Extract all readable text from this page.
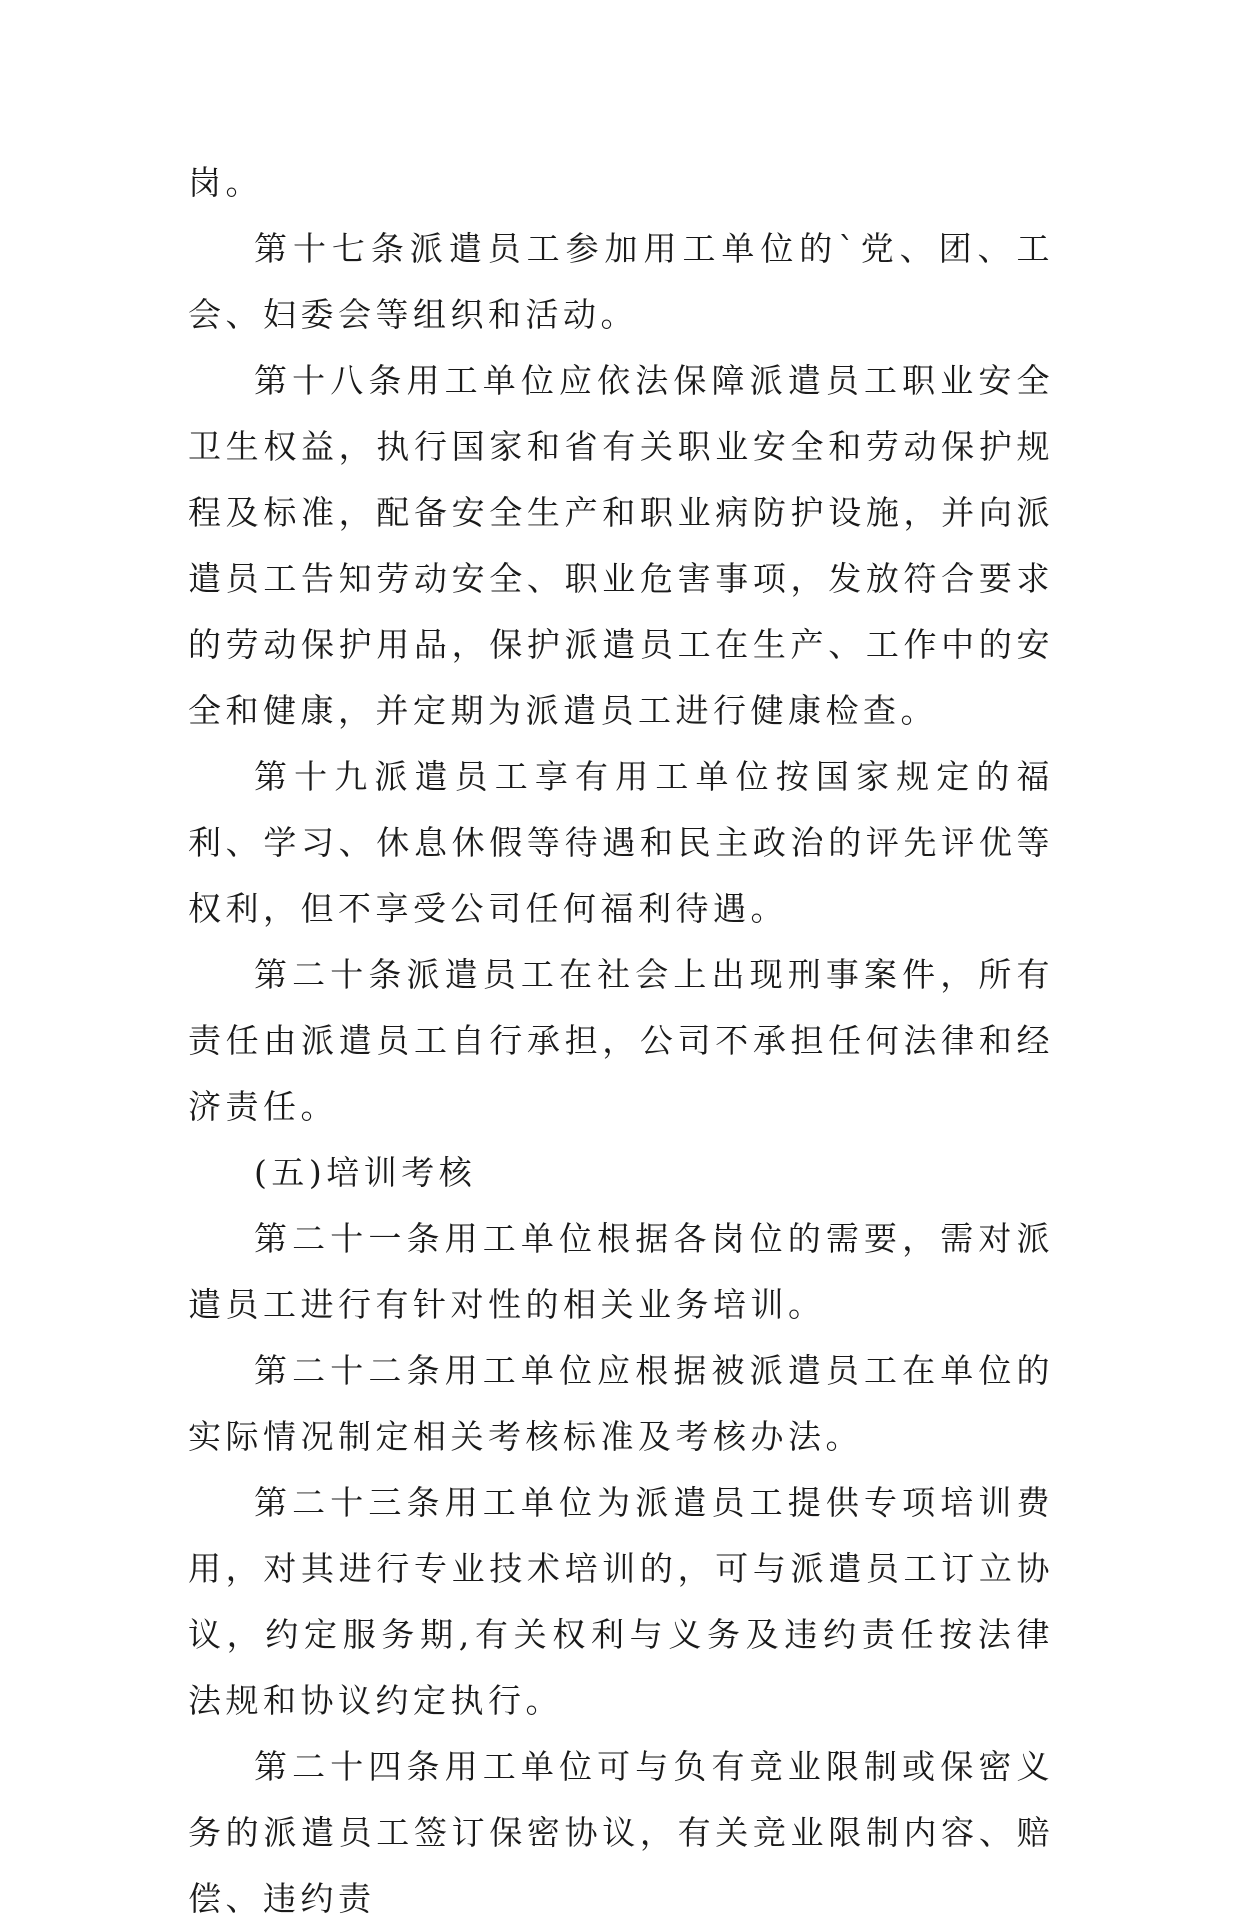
岗。

第十七条派遣员工参加用工单位的`党、团、工会、妇委会等组织和活动。

第十八条用工单位应依法保障派遣员工职业安全卫生权益，执行国家和省有关职业安全和劳动保护规程及标准，配备安全生产和职业病防护设施，并向派遣员工告知劳动安全、职业危害事项，发放符合要求的劳动保护用品，保护派遣员工在生产、工作中的安全和健康，并定期为派遣员工进行健康检查。

第十九派遣员工享有用工单位按国家规定的福利、学习、休息休假等待遇和民主政治的评先评优等权利，但不享受公司任何福利待遇。

第二十条派遣员工在社会上出现刑事案件，所有责任由派遣员工自行承担，公司不承担任何法律和经济责任。

(五)培训考核

第二十一条用工单位根据各岗位的需要，需对派遣员工进行有针对性的相关业务培训。

第二十二条用工单位应根据被派遣员工在单位的实际情况制定相关考核标准及考核办法。

第二十三条用工单位为派遣员工提供专项培训费用，对其进行专业技术培训的，可与派遣员工订立协议，约定服务期,有关权利与义务及违约责任按法律法规和协议约定执行。

第二十四条用工单位可与负有竞业限制或保密义务的派遣员工签订保密协议，有关竞业限制内容、赔偿、违约责
